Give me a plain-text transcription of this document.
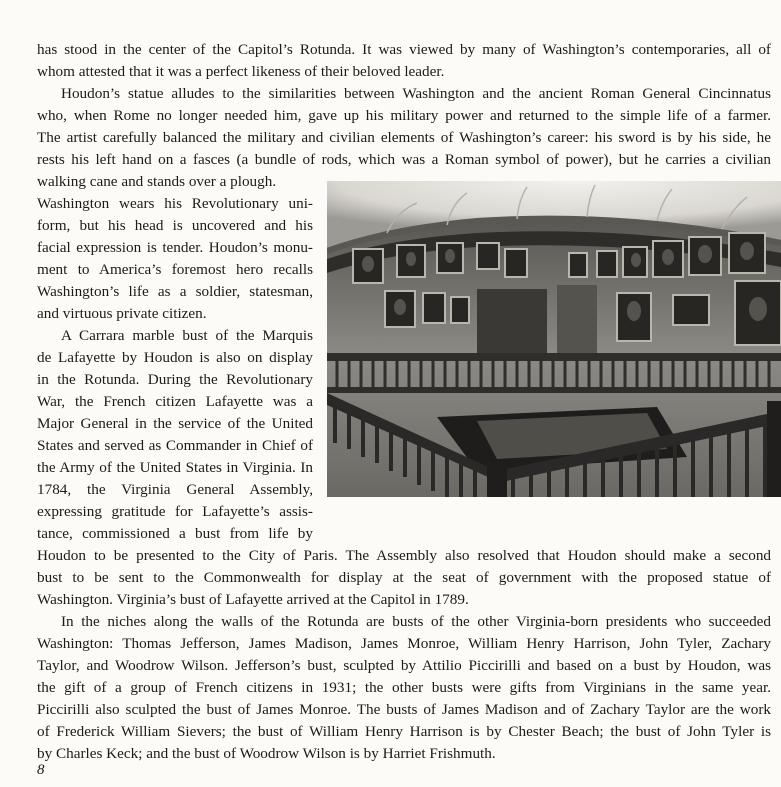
has stood in the center of the Capitol’s Rotunda. It was viewed by many of Washington’s contemporaries, all of
whom attested that it was a perfect likeness of their beloved leader.
Houdon’s statue alludes to the similarities between Washington and the ancient Roman General Cincinnatus
who, when Rome no longer needed him, gave up his military power and returned to the simple life of a farmer.
The artist carefully balanced the military and civilian elements of Washington’s career: his sword is by his side, he
rests his left hand on a fasces (a bundle of rods, which was a Roman symbol of power), but he carries a civilian
walking cane and stands over a plough.
Washington wears his Revolutionary uni-
form, but his head is uncovered and his
facial expression is tender. Houdon’s monu-
ment to America’s foremost hero recalls
Washington’s life as a soldier, statesman,
and virtuous private citizen.
A Carrara marble bust of the Marquis
de Lafayette by Houdon is also on display
in the Rotunda. During the Revolutionary
War, the French citizen Lafayette was a
Major General in the service of the United
States and served as Commander in Chief of
the Army of the United States in Virginia. In
1784, the Virginia General Assembly,
expressing gratitude for Lafayette’s assis-
tance, commissioned a bust from life by
Houdon to be presented to the City of Paris. The Assembly also resolved that Houdon should make a second
bust to be sent to the Commonwealth for display at the seat of government with the proposed statue of
Washington. Virginia’s bust of Lafayette arrived at the Capitol in 1789.
In the niches along the walls of the Rotunda are busts of the other Virginia-born presidents who succeeded
Washington: Thomas Jefferson, James Madison, James Monroe, William Henry Harrison, John Tyler, Zachary
Taylor, and Woodrow Wilson. Jefferson’s bust, sculpted by Attilio Piccirilli and based on a bust by Houdon, was
the gift of a group of French citizens in 1931; the other busts were gifts from Virginians in the same year.
Piccirilli also sculpted the bust of James Monroe. The busts of James Madison and of Zachary Taylor are the work
of Frederick William Sievers; the bust of William Henry Harrison is by Chester Beach; the bust of John Tyler is
by Charles Keck; and the bust of Woodrow Wilson is by Harriet Frishmuth.
8
